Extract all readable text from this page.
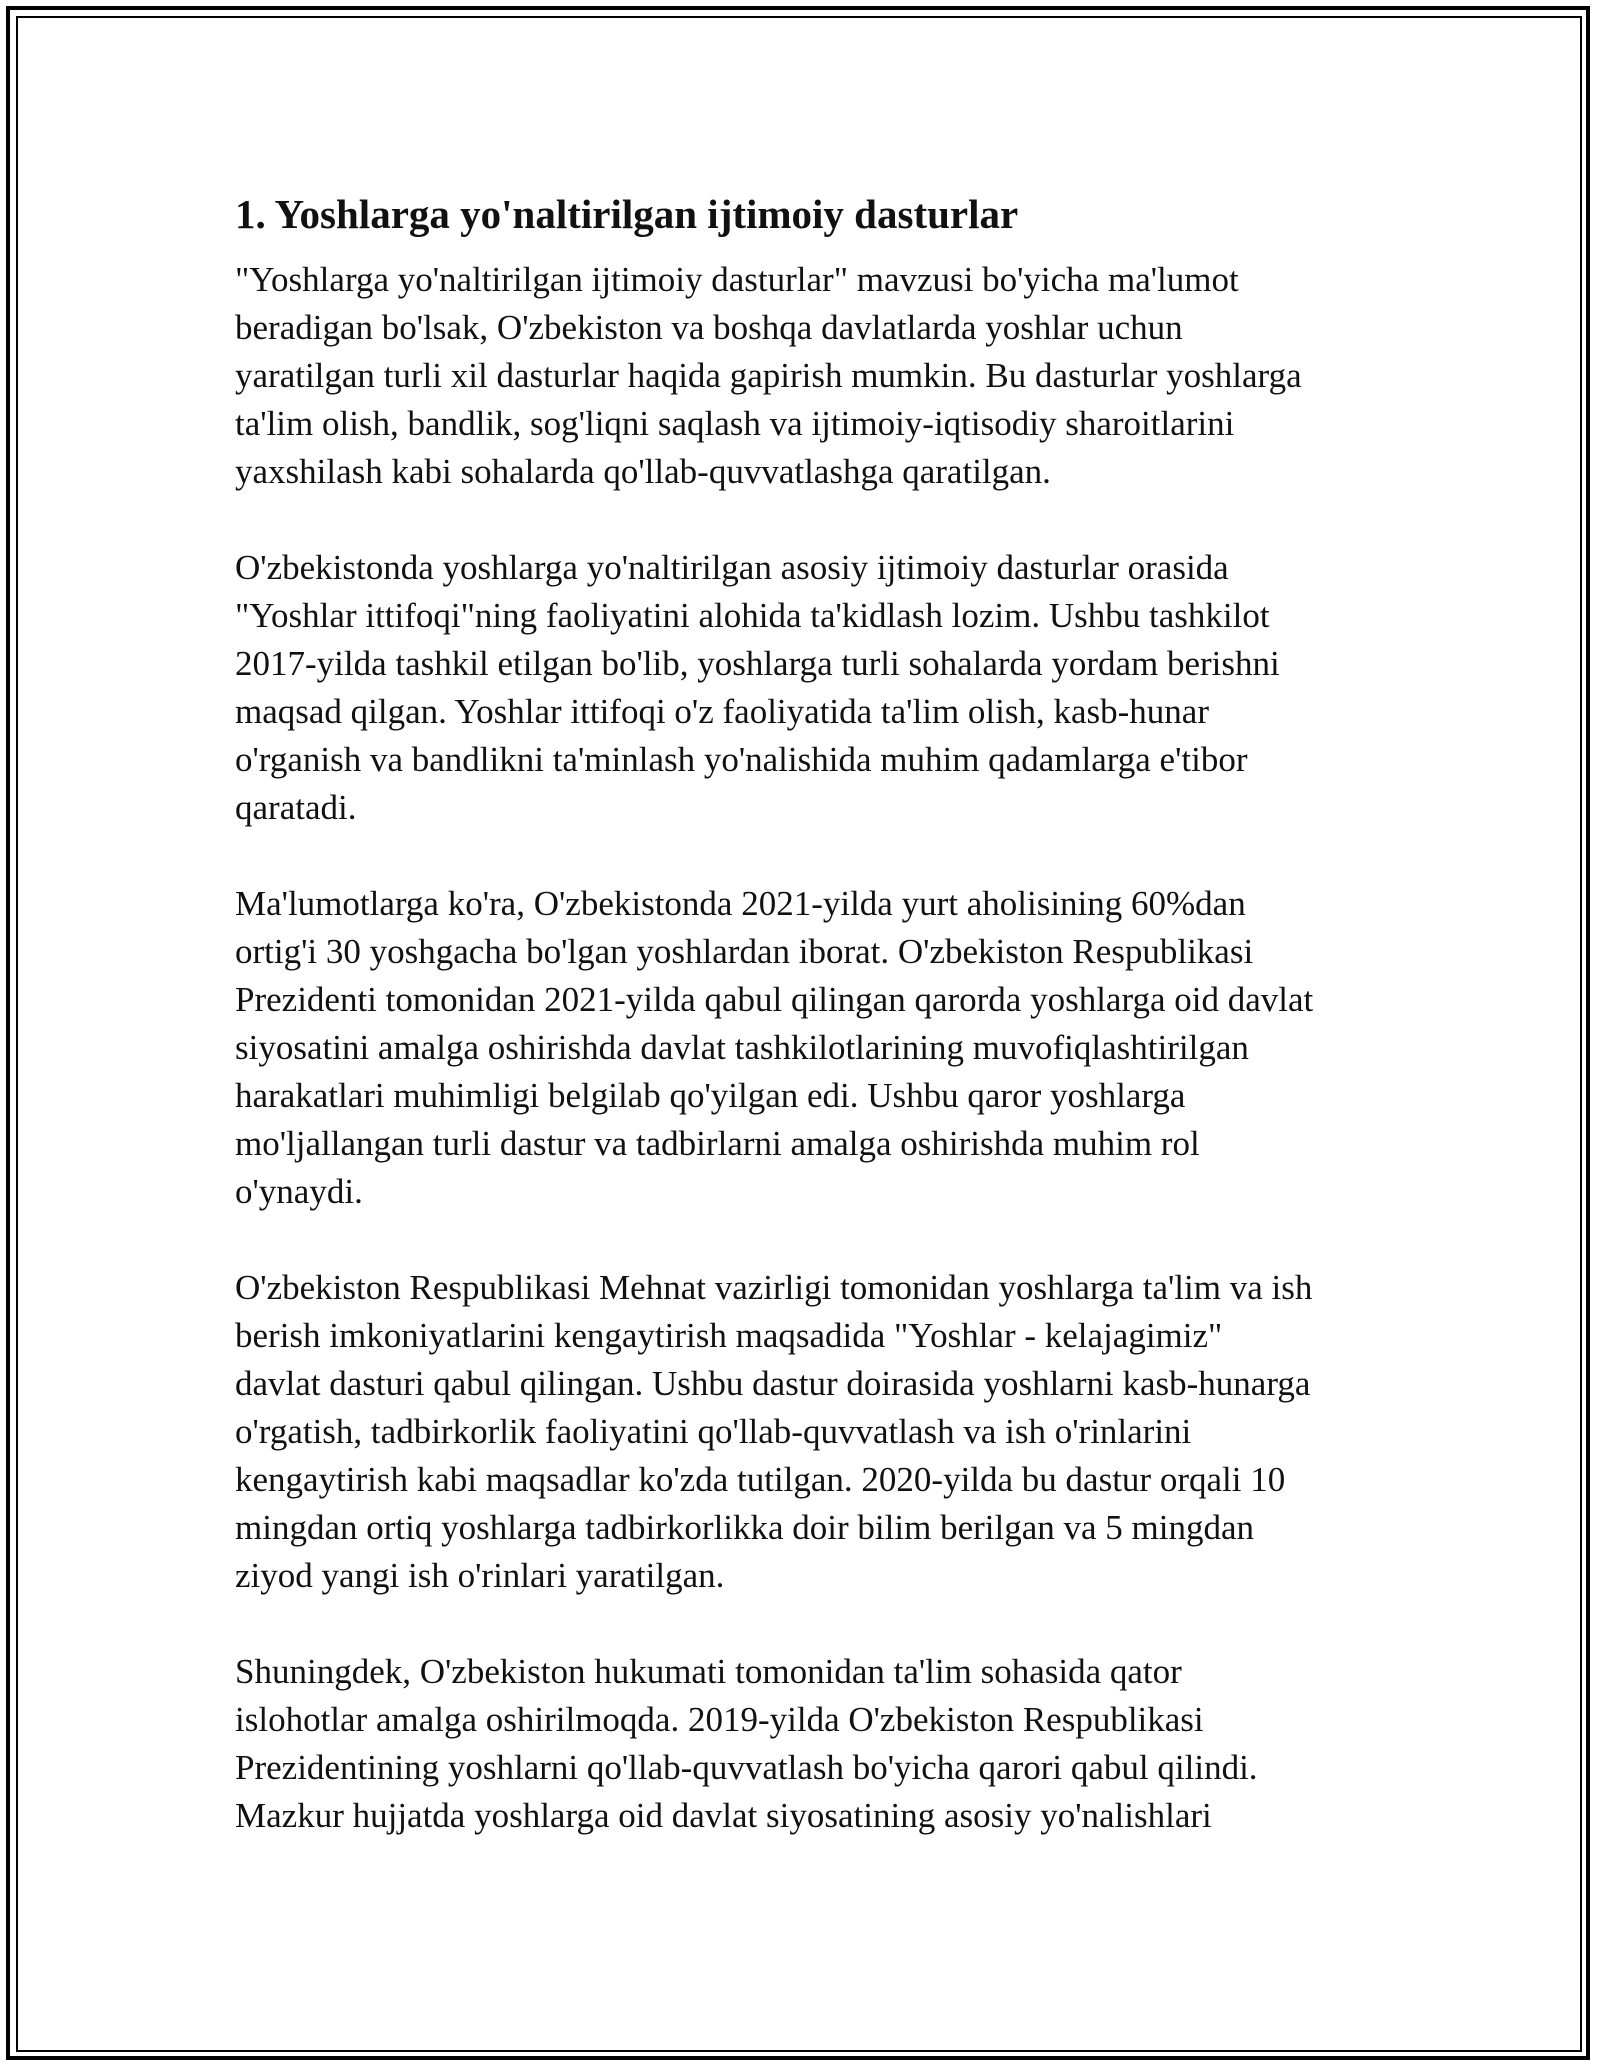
1. Yoshlarga yo'naltirilgan ijtimoiy dasturlar

"Yoshlarga yo'naltirilgan ijtimoiy dasturlar" mavzusi bo'yicha ma'lumot
beradigan bo'lsak, O'zbekiston va boshqa davlatlarda yoshlar uchun
yaratilgan turli xil dasturlar haqida gapirish mumkin. Bu dasturlar yoshlarga
ta'lim olish, bandlik, sog'liqni saqlash va ijtimoiy-iqtisodiy sharoitlarini
yaxshilash kabi sohalarda qo'llab-quvvatlashga qaratilgan.

O'zbekistonda yoshlarga yo'naltirilgan asosiy ijtimoiy dasturlar orasida
"Yoshlar ittifoqi"ning faoliyatini alohida ta'kidlash lozim. Ushbu tashkilot
2017-yilda tashkil etilgan bo'lib, yoshlarga turli sohalarda yordam berishni
maqsad qilgan. Yoshlar ittifoqi o'z faoliyatida ta'lim olish, kasb-hunar
o'rganish va bandlikni ta'minlash yo'nalishida muhim qadamlarga e'tibor
qaratadi.

Ma'lumotlarga ko'ra, O'zbekistonda 2021-yilda yurt aholisining 60%dan
ortig'i 30 yoshgacha bo'lgan yoshlardan iborat. O'zbekiston Respublikasi
Prezidenti tomonidan 2021-yilda qabul qilingan qarorda yoshlarga oid davlat
siyosatini amalga oshirishda davlat tashkilotlarining muvofiqlashtirilgan
harakatlari muhimligi belgilab qo'yilgan edi. Ushbu qaror yoshlarga
mo'ljallangan turli dastur va tadbirlarni amalga oshirishda muhim rol
o'ynaydi.

O'zbekiston Respublikasi Mehnat vazirligi tomonidan yoshlarga ta'lim va ish
berish imkoniyatlarini kengaytirish maqsadida "Yoshlar - kelajagimiz"
davlat dasturi qabul qilingan. Ushbu dastur doirasida yoshlarni kasb-hunarga
o'rgatish, tadbirkorlik faoliyatini qo'llab-quvvatlash va ish o'rinlarini
kengaytirish kabi maqsadlar ko'zda tutilgan. 2020-yilda bu dastur orqali 10
mingdan ortiq yoshlarga tadbirkorlikka doir bilim berilgan va 5 mingdan
ziyod yangi ish o'rinlari yaratilgan.

Shuningdek, O'zbekiston hukumati tomonidan ta'lim sohasida qator
islohotlar amalga oshirilmoqda. 2019-yilda O'zbekiston Respublikasi
Prezidentining yoshlarni qo'llab-quvvatlash bo'yicha qarori qabul qilindi.
Mazkur hujjatda yoshlarga oid davlat siyosatining asosiy yo'nalishlari
